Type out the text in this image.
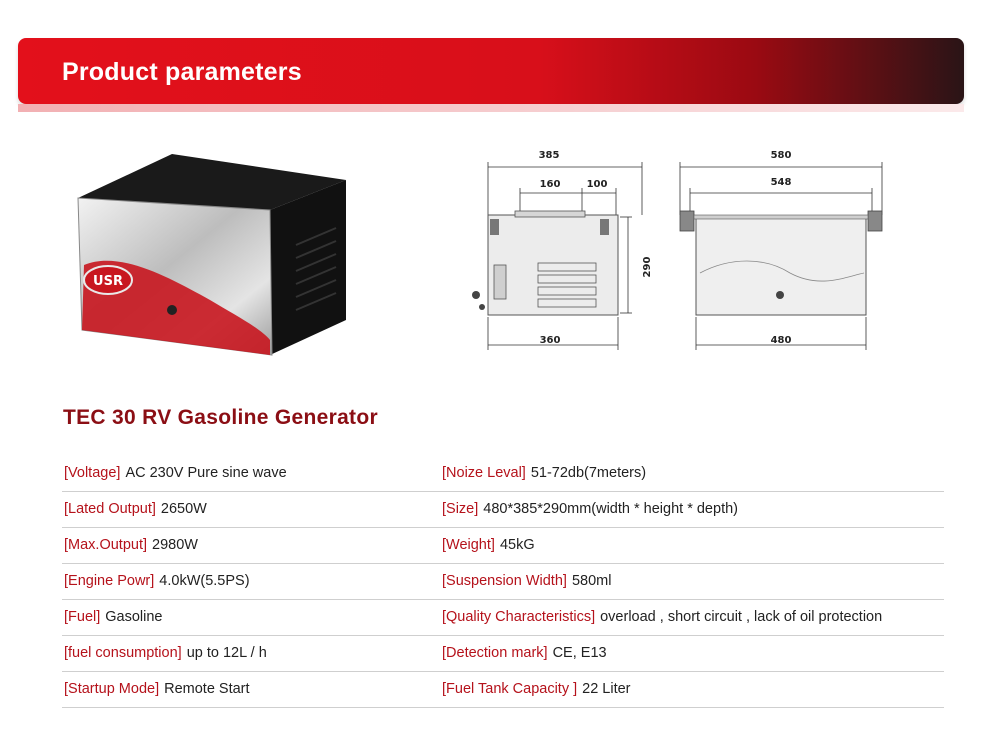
Product parameters
USR
385
160	100
290
360
580
548
480
TEC 30 RV Gasoline Generator
[Voltage] AC 230V Pure sine wave	[Noize Leval] 51-72db(7meters)
[Lated Output] 2650W	[Size] 480*385*290mm(width * height * depth)
[Max.Output] 2980W	[Weight] 45kG
[Engine Powr] 4.0kW(5.5PS)	[Suspension Width] 580ml
[Fuel] Gasoline	[Quality Characteristics] overload , short circuit , lack of oil protection
[fuel consumption] up to 12L / h	[Detection mark] CE, E13
[Startup Mode] Remote Start	[Fuel Tank Capacity ] 22 Liter
